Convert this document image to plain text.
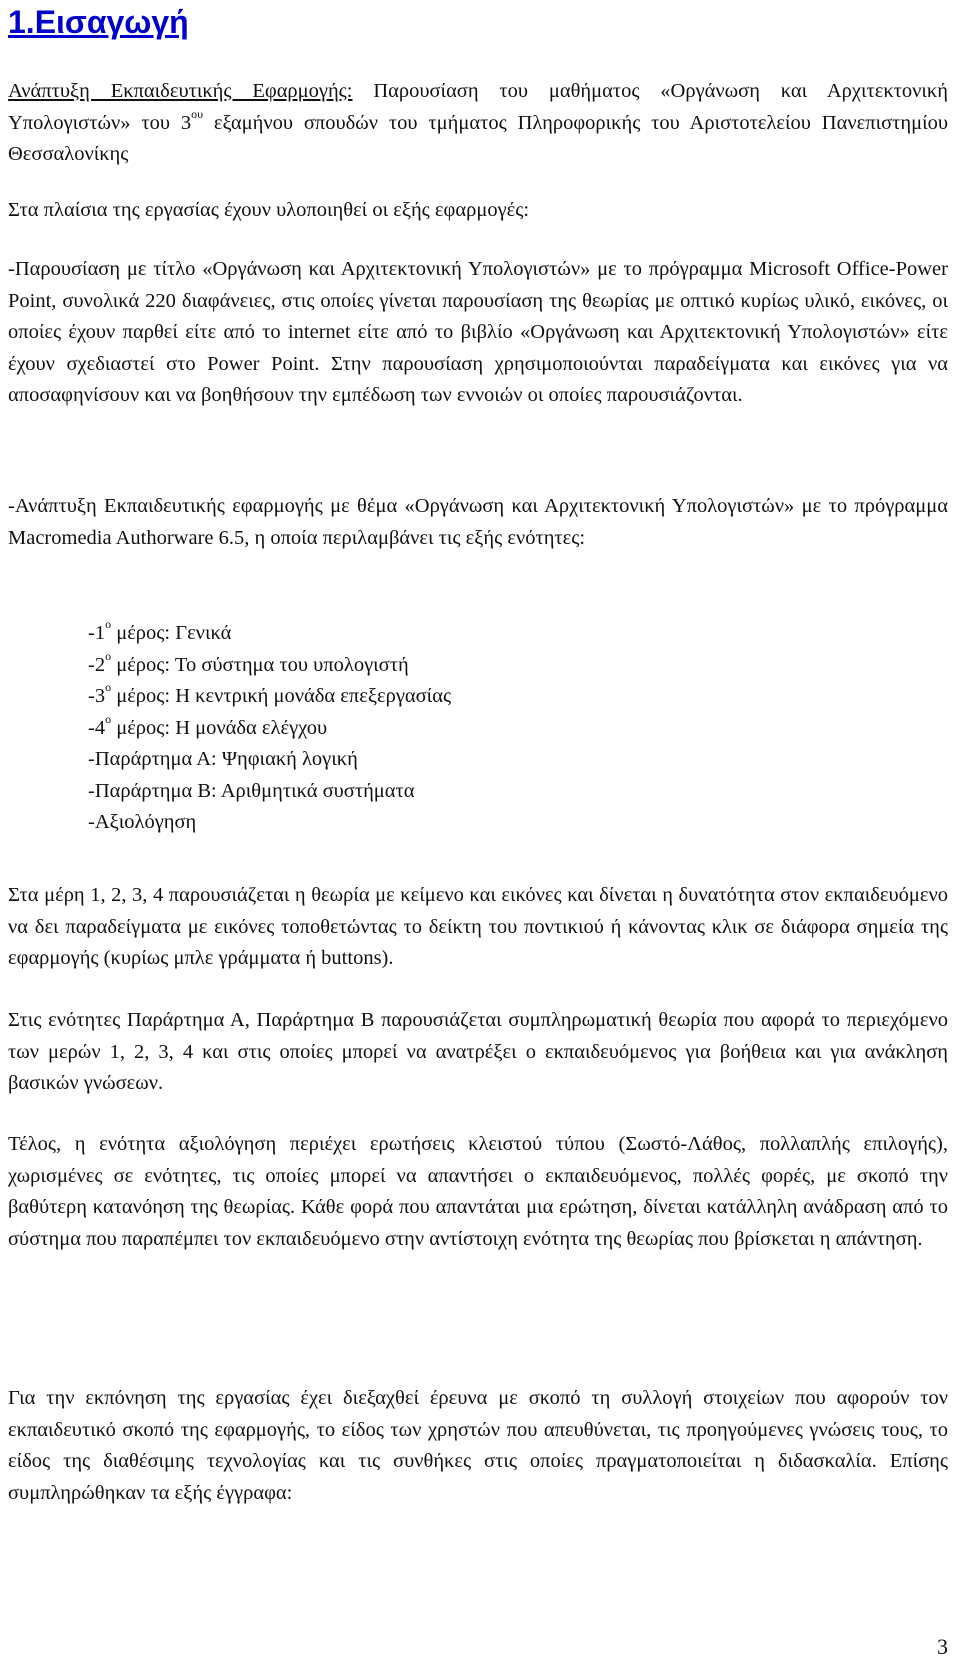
1.Εισαγωγή
Ανάπτυξη Εκπαιδευτικής Εφαρμογής: Παρουσίαση του μαθήματος «Οργάνωση και Αρχιτεκτονική Υπολογιστών» του $3^{o\upsilon}$ εξαμήνου σπουδών του τμήματος Πληροφορικής του Αριστοτελείου Πανεπιστημίου Θεσσαλονίκης
Στα πλαίσια της εργασίας έχουν υλοποιηθεί οι εξής εφαρμογές:
-Παρουσίαση με τίτλο «Οργάνωση και Αρχιτεκτονική Υπολογιστών» με το πρόγραμμα Microsoft Office-Power Point, συνολικά 220 διαφάνειες, στις οποίες γίνεται παρουσίαση της θεωρίας με οπτικό κυρίως υλικό, εικόνες, οι οποίες έχουν παρθεί είτε από το internet είτε από το βιβλίο «Οργάνωση και Αρχιτεκτονική Υπολογιστών» είτε έχουν σχεδιαστεί στο Power Point. Στην παρουσίαση χρησιμοποιούνται παραδείγματα και εικόνες για να αποσαφηνίσουν και να βοηθήσουν την εμπέδωση των εννοιών οι οποίες παρουσιάζονται.
-Ανάπτυξη Εκπαιδευτικής εφαρμογής με θέμα «Οργάνωση και Αρχιτεκτονική Υπολογιστών» με το πρόγραμμα Macromedia Authorware 6.5, η οποία περιλαμβάνει τις εξής ενότητες:
$-1^o$ μέρος: Γενικά
$-2^o$ μέρος: Το σύστημα του υπολογιστή
$-3^o$ μέρος: Η κεντρική μονάδα επεξεργασίας
$-4^o$ μέρος: Η μονάδα ελέγχου
-Παράρτημα Α: Ψηφιακή λογική
-Παράρτημα Β: Αριθμητικά συστήματα
-Αξιολόγηση
Στα μέρη 1, 2, 3, 4 παρουσιάζεται η θεωρία με κείμενο και εικόνες και δίνεται η δυνατότητα στον εκπαιδευόμενο να δει παραδείγματα με εικόνες τοποθετώντας το δείκτη του ποντικιού ή κάνοντας κλικ σε διάφορα σημεία της εφαρμογής (κυρίως μπλε γράμματα ή buttons).
Στις ενότητες Παράρτημα Α, Παράρτημα Β παρουσιάζεται συμπληρωματική θεωρία που αφορά το περιεχόμενο των μερών 1, 2, 3, 4 και στις οποίες μπορεί να ανατρέξει ο εκπαιδευόμενος για βοήθεια και για ανάκληση βασικών γνώσεων.
Τέλος, η ενότητα αξιολόγηση περιέχει ερωτήσεις κλειστού τύπου (Σωστό-Λάθος, πολλαπλής επιλογής), χωρισμένες σε ενότητες, τις οποίες μπορεί να απαντήσει ο εκπαιδευόμενος, πολλές φορές, με σκοπό την βαθύτερη κατανόηση της θεωρίας. Κάθε φορά που απαντάται μια ερώτηση, δίνεται κατάλληλη ανάδραση από το σύστημα που παραπέμπει τον εκπαιδευόμενο στην αντίστοιχη ενότητα της θεωρίας που βρίσκεται η απάντηση.
Για την εκπόνηση της εργασίας έχει διεξαχθεί έρευνα με σκοπό τη συλλογή στοιχείων που αφορούν τον εκπαιδευτικό σκοπό της εφαρμογής, το είδος των χρηστών που απευθύνεται, τις προηγούμενες γνώσεις τους, το είδος της διαθέσιμης τεχνολογίας και τις συνθήκες στις οποίες πραγματοποιείται η διδασκαλία. Επίσης συμπληρώθηκαν τα εξής έγγραφα:
3
